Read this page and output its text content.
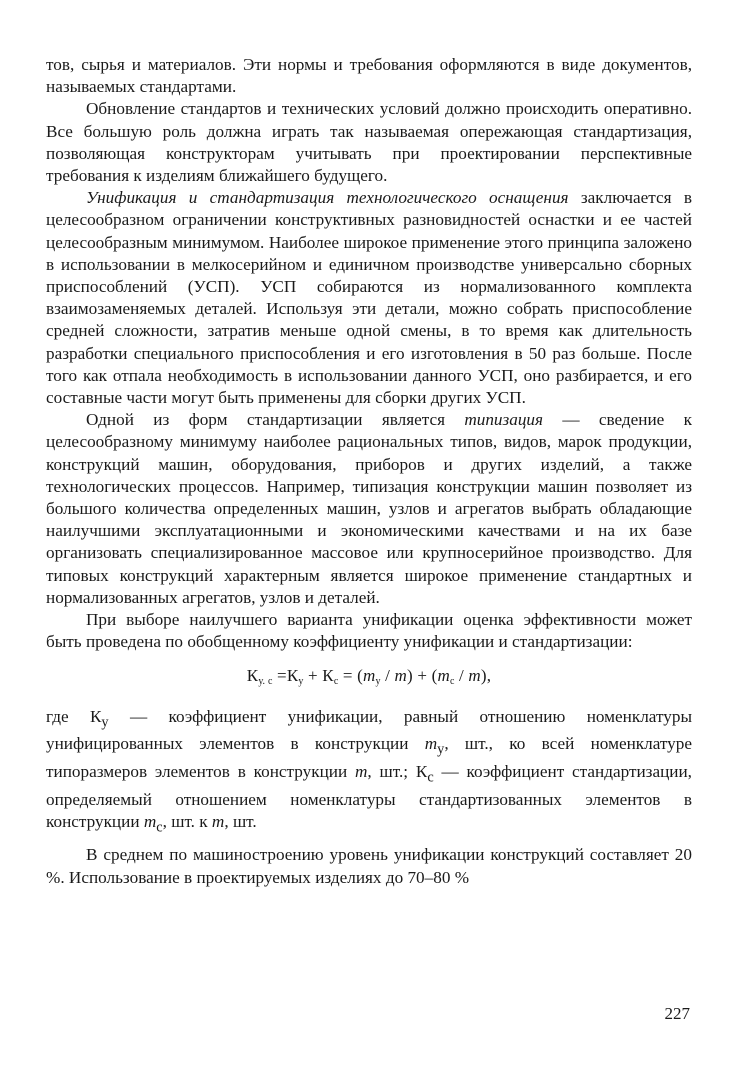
тов, сырья и материалов. Эти нормы и требования оформляются в виде документов, называемых стандартами.

Обновление стандартов и технических условий должно происходить оперативно. Все большую роль должна играть так называемая опережающая стандартизация, позволяющая конструкторам учитывать при проектировании перспективные требования к изделиям ближайшего будущего.

Унификация и стандартизация технологического оснащения заключается в целесообразном ограничении конструктивных разновидностей оснастки и ее частей целесообразным минимумом. Наиболее широкое применение этого принципа заложено в использовании в мелкосерийном и единичном производстве универсально сборных приспособлений (УСП). УСП собираются из нормализованного комплекта взаимозаменяемых деталей. Используя эти детали, можно собрать приспособление средней сложности, затратив меньше одной смены, в то время как длительность разработки специального приспособления и его изготовления в 50 раз больше. После того как отпала необходимость в использовании данного УСП, оно разбирается, и его составные части могут быть применены для сборки других УСП.

Одной из форм стандартизации является типизация — сведение к целесообразному минимуму наиболее рациональных типов, видов, марок продукции, конструкций машин, оборудования, приборов и других изделий, а также технологических процессов. Например, типизация конструкции машин позволяет из большого количества определенных машин, узлов и агрегатов выбрать обладающие наилучшими эксплуатационными и экономическими качествами и на их базе организовать специализированное массовое или крупносерийное производство. Для типовых конструкций характерным является широкое применение стандартных и нормализованных агрегатов, узлов и деталей.

При выборе наилучшего варианта унификации оценка эффективности может быть проведена по обобщенному коэффициенту унификации и стандартизации:

$К_{у. с} =К_у + К_с = (m_у / m) + (m_с / m)$,

где $К_у$ — коэффициент унификации, равный отношению номенклатуры унифицированных элементов в конструкции $m_у$, шт., ко всей номенклатуре типоразмеров элементов в конструкции m, шт.; $К_с$ — коэффициент стандартизации, определяемый отношением номенклатуры стандартизованных элементов в конструкции $m_с$, шт. к m, шт.

В среднем по машиностроению уровень унификации конструкций составляет 20 %. Использование в проектируемых изделиях до 70–80 %

227
